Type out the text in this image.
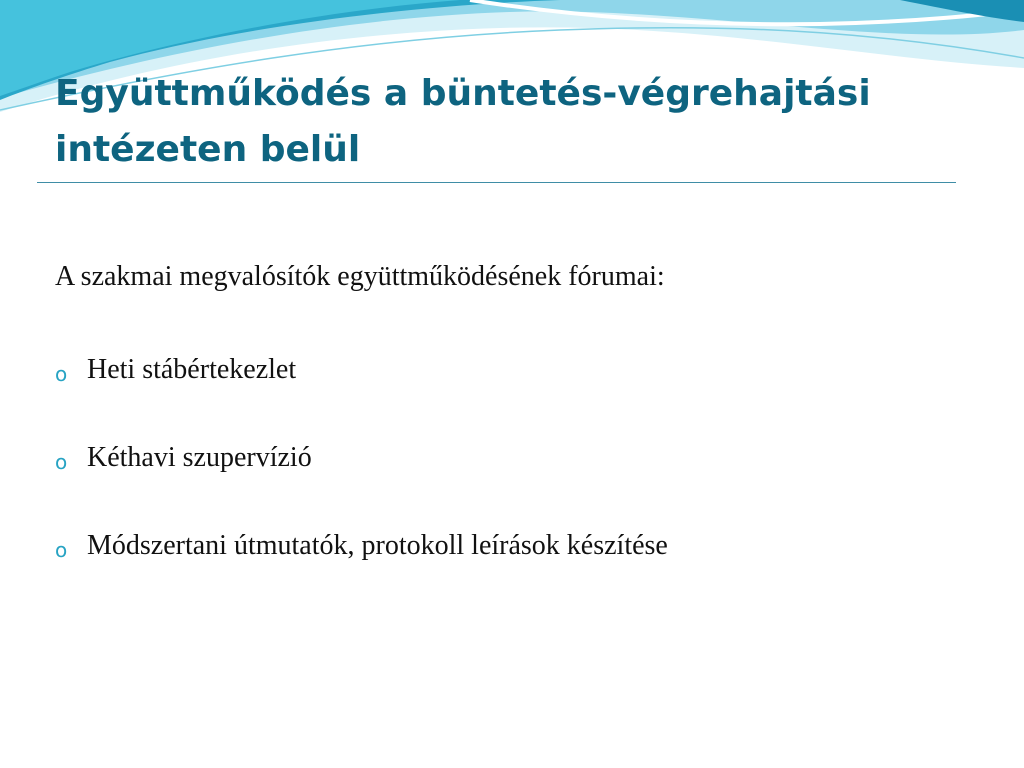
Együttműködés a büntetés-végrehajtási intézeten belül

A szakmai megvalósítók együttműködésének fórumai:

o Heti stábértekezlet
o Kéthavi szupervízió
o Módszertani útmutatók, protokoll leírások készítése
